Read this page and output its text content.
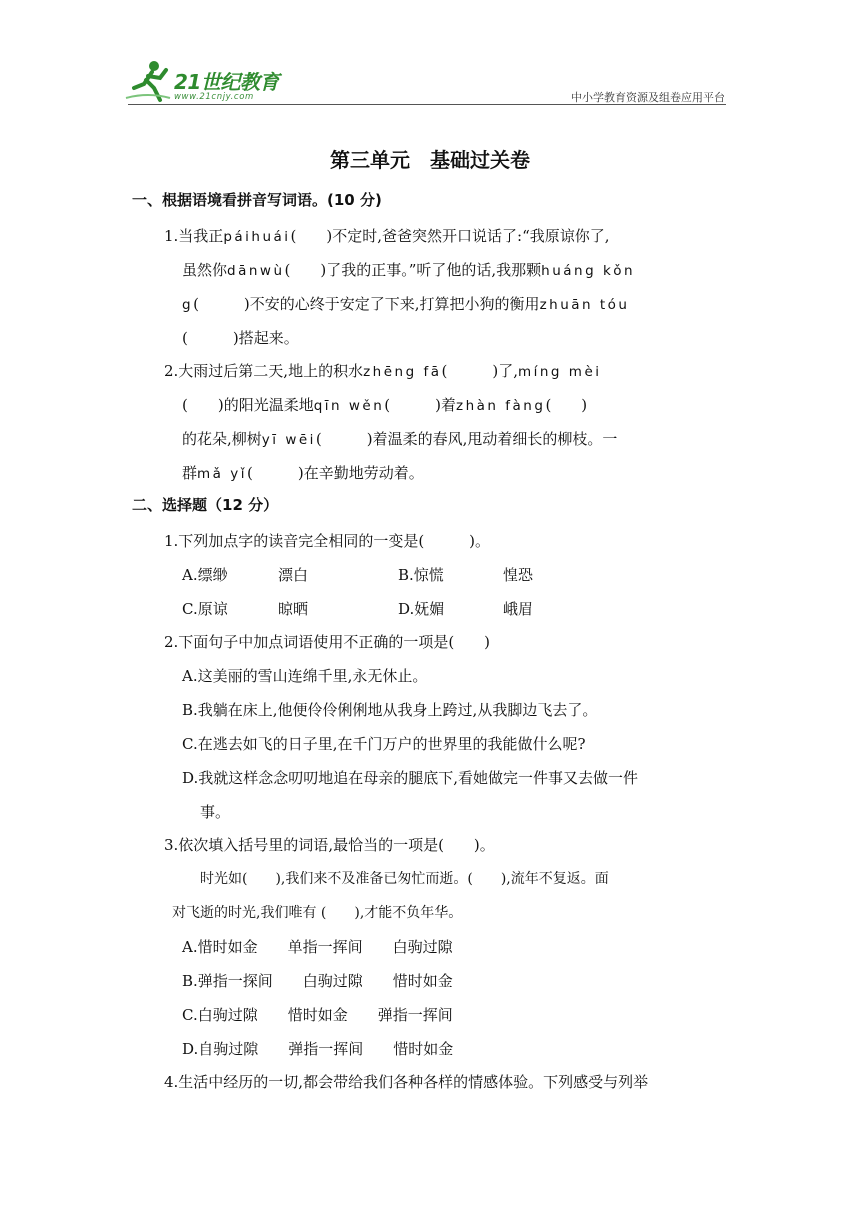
21世纪教育
www.21cnjy.com	中小学教育资源及组卷应用平台
第三单元 基础过关卷
一、根据语境看拼音写词语。(10 分)
1.当我正páihuái(　　)不定时,爸爸突然开口说话了:“我原谅你了,
虽然你dānwù(　　)了我的正事。”听了他的话,我那颗huáng kǒn
g(　　　)不安的心终于安定了下来,打算把小狗的衡用zhuān tóu
(　　　)搭起来。
2.大雨过后第二天,地上的积水zhēng fā(　　　)了,míng mèi
(　　)的阳光温柔地qīn wěn(　　　)着zhàn fàng(　　)
的花朵,柳树yī wēi(　　　)着温柔的春风,甩动着细长的柳枝。一
群mǎ yǐ(　　　)在辛勤地劳动着。
二、选择题（12 分）
1.下列加点字的读音完全相同的一变是(　　　)。
A.缥缈	漂白	B.惊慌	惶恐
C.原谅	晾晒	D.妩媚	峨眉
2.下面句子中加点词语使用不正确的一项是(　　)
A.这美丽的雪山连绵千里,永无休止。
B.我躺在床上,他便伶伶俐俐地从我身上跨过,从我脚边飞去了。
C.在逃去如飞的日子里,在千门万户的世界里的我能做什么呢?
D.我就这样念念叨叨地追在母亲的腿底下,看她做完一件事又去做一件
事。
3.依次填入括号里的词语,最恰当的一项是(　　)。
时光如(　　),我们来不及准备已匆忙而逝。(　　),流年不复返。面
对飞逝的时光,我们唯有 (　　),才能不负年华。
A.惜时如金　　单指一挥间　　白驹过隙
B.弹指一探间　　白驹过隙　　惜时如金
C.白驹过隙　　惜时如金　　弹指一挥间
D.自驹过隙　　弹指一挥间　　惜时如金
4.生活中经历的一切,都会带给我们各种各样的情感体验。下列感受与列举
